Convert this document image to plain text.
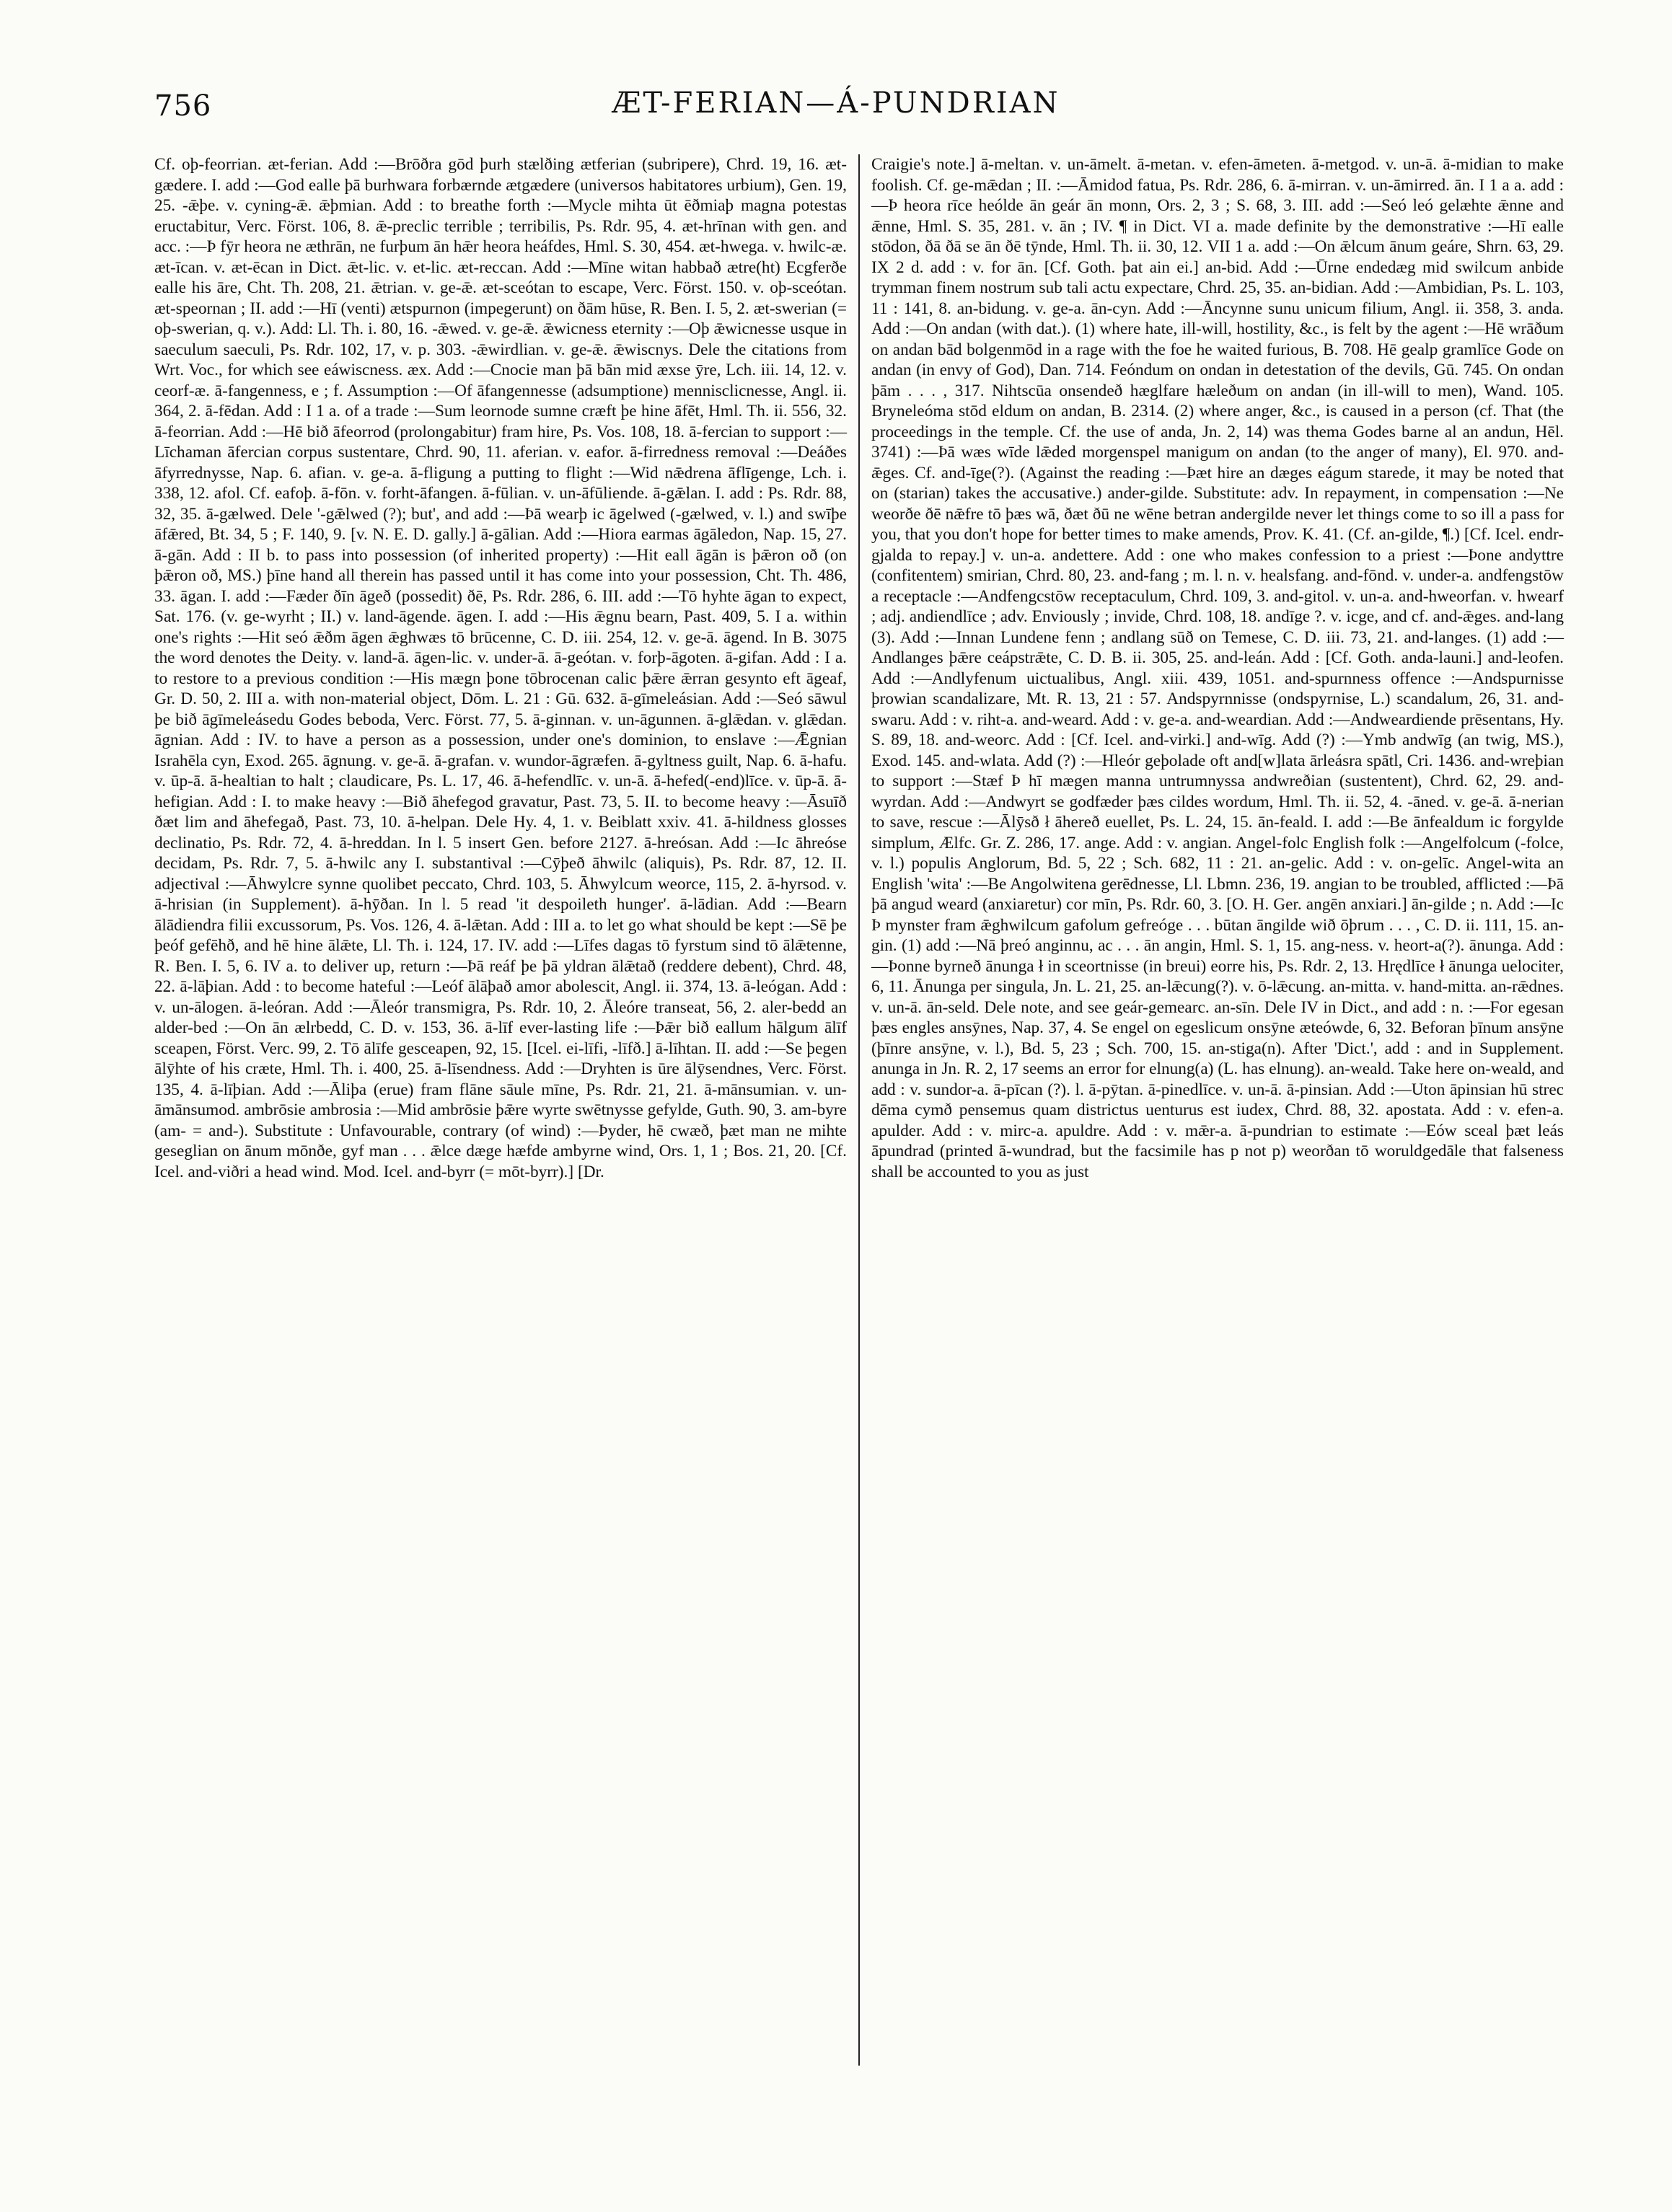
756	ÆT-FERIAN—Á-PUNDRIAN

Cf. oþ-feorrian. æt-ferian. Add :—Brōðra gōd þurh stælðing ætferian (subripere), Chrd. 19, 16. æt-gædere. I. add :—God ealle þā burhwara forbærnde ætgædere (universos habitatores urbium), Gen. 19, 25. -ǣþe. v. cyning-ǣ. ǣþmian. Add : to breathe forth :—Mycle mihta ūt ēðmiaþ magna potestas eructabitur, Verc. Först. 106, 8. ǣ-preclic terrible ; terribilis, Ps. Rdr. 95, 4. æt-hrīnan with gen. and acc. :—Þ fȳr heora ne æthrān, ne furþum ān hǣr heora heáfdes, Hml. S. 30, 454. æt-hwega. v. hwilc-æ. æt-īcan. v. æt-ēcan in Dict. ǣt-lic. v. et-lic. æt-reccan. Add :—Mīne witan habbað ætre(ht) Ecgferðe ealle his āre, Cht. Th. 208, 21. ǣtrian. v. ge-ǣ. æt-sceótan to escape, Verc. Först. 150. v. oþ-sceótan. æt-speornan ; II. add :—Hī (venti) ætspurnon (impegerunt) on ðām hūse, R. Ben. I. 5, 2. æt-swerian (= oþ-swerian, q. v.). Add: Ll. Th. i. 80, 16. -ǣwed. v. ge-ǣ. ǣwicness eternity :—Oþ ǣwicnesse usque in saeculum saeculi, Ps. Rdr. 102, 17, v. p. 303. -ǣwirdlian. v. ge-ǣ. ǣwiscnys. Dele the citations from Wrt. Voc., for which see eáwiscness. æx. Add :—Cnocie man þā bān mid æxse ȳre, Lch. iii. 14, 12. v. ceorf-æ. ā-fangenness, e ; f. Assumption :—Of āfangennesse (adsumptione) mennisclicnesse, Angl. ii. 364, 2. ā-fēdan. Add : I 1 a. of a trade :—Sum leornode sumne cræft þe hine āfēt, Hml. Th. ii. 556, 32. ā-feorrian. Add :—Hē bið āfeorrod (prolongabitur) fram hire, Ps. Vos. 108, 18. ā-fercian to support :—Līchaman āfercian corpus sustentare, Chrd. 90, 11. aferian. v. eafor. ā-firredness removal :—Deáðes āfyrrednysse, Nap. 6. afian. v. ge-a. ā-fligung a putting to flight :—Wid nǣdrena āflīgenge, Lch. i. 338, 12. afol. Cf. eafoþ. ā-fōn. v. forht-āfangen. ā-fūlian. v. un-āfūliende. ā-gǣlan. I. add : Ps. Rdr. 88, 32, 35. ā-gælwed. Dele '-gǣlwed (?); but', and add :—Þā wearþ ic āgelwed (-gælwed, v. l.) and swīþe āfǣred, Bt. 34, 5 ; F. 140, 9. [v. N. E. D. gally.] ā-gālian. Add :—Hiora earmas āgāledon, Nap. 15, 27. ā-gān. Add : II b. to pass into possession (of inherited property) :—Hit eall āgān is þǣron oð (on þǣron oð, MS.) þīne hand all therein has passed until it has come into your possession, Cht. Th. 486, 33. āgan. I. add :—Fæder ðīn āgeð (possedit) ðē, Ps. Rdr. 286, 6. III. add :—Tō hyhte āgan to expect, Sat. 176. (v. ge-wyrht ; II.) v. land-āgende. āgen. I. add :—His ǣgnu bearn, Past. 409, 5. I a. within one's rights :—Hit seó ǣðm āgen ǣghwæs tō brūcenne, C. D. iii. 254, 12. v. ge-ā. āgend. In B. 3075 the word denotes the Deity. v. land-ā. āgen-lic. v. under-ā. ā-geótan. v. forþ-āgoten. ā-gifan. Add : I a. to restore to a previous condition :—His mægn þone tōbrocenan calic þǣre ǣrran gesynto eft āgeaf, Gr. D. 50, 2. III a. with non-material object, Dōm. L. 21 : Gū. 632. ā-gīmeleásian. Add :—Seó sāwul þe bið āgīmeleásedu Godes beboda, Verc. Först. 77, 5. ā-ginnan. v. un-āgunnen. ā-glǣdan. v. glǣdan. āgnian. Add : IV. to have a person as a possession, under one's dominion, to enslave :—Ǣgnian Israhēla cyn, Exod. 265. āgnung. v. ge-ā. ā-grafan. v. wundor-āgræfen. ā-gyltness guilt, Nap. 6. ā-hafu. v. ūp-ā. ā-healtian to halt ; claudicare, Ps. L. 17, 46. ā-hefendlīc. v. un-ā. ā-hefed(-end)līce. v. ūp-ā. ā-hefigian. Add : I. to make heavy :—Bið āhefegod gravatur, Past. 73, 5. II. to become heavy :—Āsuīð ðæt lim and āhefegað, Past. 73, 10. ā-helpan. Dele Hy. 4, 1. v. Beiblatt xxiv. 41. ā-hildness glosses declinatio, Ps. Rdr. 72, 4. ā-hreddan. In l. 5 insert Gen. before 2127. ā-hreósan. Add :—Ic āhreóse decidam, Ps. Rdr. 7, 5. ā-hwilc any I. substantival :—Cȳþeð āhwilc (aliquis), Ps. Rdr. 87, 12. II. adjectival :—Āhwylcre synne quolibet peccato, Chrd. 103, 5. Āhwylcum weorce, 115, 2. ā-hyrsod. v. ā-hrisian (in Supplement). ā-hȳðan. In l. 5 read 'it despoileth hunger'. ā-lādian. Add :—Bearn ālādiendra filii excussorum, Ps. Vos. 126, 4. ā-lǣtan. Add : III a. to let go what should be kept :—Sē þe þeóf gefēhð, and hē hine ālǣte, Ll. Th. i. 124, 17. IV. add :—Līfes dagas tō fyrstum sind tō ālǣtenne, R. Ben. I. 5, 6. IV a. to deliver up, return :—Þā reáf þe þā yldran ālǣtað (reddere debent), Chrd. 48, 22. ā-lāþian. Add : to become hateful :—Leóf ālāþað amor abolescit, Angl. ii. 374, 13. ā-leógan. Add : v. un-ālogen. ā-leóran. Add :—Āleór transmigra, Ps. Rdr. 10, 2. Āleóre transeat, 56, 2. aler-bedd an alder-bed :—On ān ælrbedd, C. D. v. 153, 36. ā-līf ever-lasting life :—Þǣr bið eallum hālgum ālīf sceapen, Först. Verc. 99, 2. Tō ālīfe gesceapen, 92, 15. [Icel. ei-līfi, -līfð.] ā-līhtan. II. add :—Se þegen ālȳhte of his cræte, Hml. Th. i. 400, 25. ā-līsendness. Add :—Dryhten is ūre ālȳsendnes, Verc. Först. 135, 4. ā-līþian. Add :—Āliþa (erue) fram flāne sāule mīne, Ps. Rdr. 21, 21. ā-mānsumian. v. un-āmānsumod. ambrōsie ambrosia :—Mid ambrōsie þǣre wyrte swētnysse gefylde, Guth. 90, 3. am-byre (am- = and-). Substitute : Unfavourable, contrary (of wind) :—Þyder, hē cwæð, þæt man ne mihte geseglian on ānum mōnðe, gyf man . . . ǣlce dæge hæfde ambyrne wind, Ors. 1, 1 ; Bos. 21, 20. [Cf. Icel. and-viðri a head wind. Mod. Icel. and-byrr (= mōt-byrr).] [Dr.

Craigie's note.] ā-meltan. v. un-āmelt. ā-metan. v. efen-āmeten. ā-metgod. v. un-ā. ā-midian to make foolish. Cf. ge-mǣdan ; II. :—Āmidod fatua, Ps. Rdr. 286, 6. ā-mirran. v. un-āmirred. ān. I 1 a a. add :—Þ heora rīce heólde ān geár ān monn, Ors. 2, 3 ; S. 68, 3. III. add :—Seó leó gelæhte ǣnne and ǣnne, Hml. S. 35, 281. v. ān ; IV. ¶ in Dict. VI a. made definite by the demonstrative :—Hī ealle stōdon, ðā ðā se ān ðē tȳnde, Hml. Th. ii. 30, 12. VII 1 a. add :—On ǣlcum ānum geáre, Shrn. 63, 29. IX 2 d. add : v. for ān. [Cf. Goth. þat ain ei.] an-bid. Add :—Ūrne endedæg mid swilcum anbide trymman finem nostrum sub tali actu expectare, Chrd. 25, 35. an-bidian. Add :—Ambidian, Ps. L. 103, 11 : 141, 8. an-bidung. v. ge-a. ān-cyn. Add :—Āncynne sunu unicum filium, Angl. ii. 358, 3. anda. Add :—On andan (with dat.). (1) where hate, ill-will, hostility, &c., is felt by the agent :—Hē wrāðum on andan bād bolgenmōd in a rage with the foe he waited furious, B. 708. Hē gealp gramlīce Gode on andan (in envy of God), Dan. 714. Feóndum on ondan in detestation of the devils, Gū. 745. On ondan þām . . . , 317. Nihtscūa onsendeð hæglfare hæleðum on andan (in ill-will to men), Wand. 105. Bryneleóma stōd eldum on andan, B. 2314. (2) where anger, &c., is caused in a person (cf. That (the proceedings in the temple. Cf. the use of anda, Jn. 2, 14) was thema Godes barne al an andun, Hēl. 3741) :—Þā wæs wīde lǣded morgenspel manigum on andan (to the anger of many), El. 970. and-ǣges. Cf. and-īge(?). (Against the reading :—Þæt hire an dæges eágum starede, it may be noted that on (starian) takes the accusative.) ander-gilde. Substitute: adv. In repayment, in compensation :—Ne weorðe ðē nǣfre tō þæs wā, ðæt ðū ne wēne betran andergilde never let things come to so ill a pass for you, that you don't hope for better times to make amends, Prov. K. 41. (Cf. an-gilde, ¶.) [Cf. Icel. endr-gjalda to repay.] v. un-a. andettere. Add : one who makes confession to a priest :—Þone andyttre (confitentem) smirian, Chrd. 80, 23. and-fang ; m. l. n. v. healsfang. and-fōnd. v. under-a. andfengstōw a receptacle :—Andfengcstōw receptaculum, Chrd. 109, 3. and-gitol. v. un-a. and-hweorfan. v. hwearf ; adj. andiendlīce ; adv. Enviously ; invide, Chrd. 108, 18. andīge ?. v. icge, and cf. and-ǣges. and-lang (3). Add :—Innan Lundene fenn ; andlang sūð on Temese, C. D. iii. 73, 21. and-langes. (1) add :—Andlanges þǣre ceápstrǣte, C. D. B. ii. 305, 25. and-leán. Add : [Cf. Goth. anda-launi.] and-leofen. Add :—Andlyfenum uictualibus, Angl. xiii. 439, 1051. and-spurnness offence :—Andspurnisse þrowian scandalizare, Mt. R. 13, 21 : 57. Andspyrnnisse (ondspyrnise, L.) scandalum, 26, 31. and-swaru. Add : v. riht-a. and-weard. Add : v. ge-a. and-weardian. Add :—Andweardiende prēsentans, Hy. S. 89, 18. and-weorc. Add : [Cf. Icel. and-virki.] and-wīg. Add (?) :—Ymb andwīg (an twig, MS.), Exod. 145. and-wlata. Add (?) :—Hleór geþolade oft and[w]lata ārleásra spātl, Cri. 1436. and-wreþian to support :—Stæf Þ hī mægen manna untrumnyssa andwreðian (sustentent), Chrd. 62, 29. and-wyrdan. Add :—Andwyrt se godfæder þæs cildes wordum, Hml. Th. ii. 52, 4. -āned. v. ge-ā. ā-nerian to save, rescue :—Ālȳsð ł āhereð euellet, Ps. L. 24, 15. ān-feald. I. add :—Be ānfealdum ic forgylde simplum, Ælfc. Gr. Z. 286, 17. ange. Add : v. angian. Angel-folc English folk :—Angelfolcum (-folce, v. l.) populis Anglorum, Bd. 5, 22 ; Sch. 682, 11 : 21. an-gelic. Add : v. on-gelīc. Angel-wita an English 'wita' :—Be Angolwitena gerēdnesse, Ll. Lbmn. 236, 19. angian to be troubled, afflicted :—Þā þā angud weard (anxiaretur) cor mīn, Ps. Rdr. 60, 3. [O. H. Ger. angēn anxiari.] ān-gilde ; n. Add :—Ic Þ mynster fram ǣghwilcum gafolum gefreóge . . . būtan āngilde wið ōþrum . . . , C. D. ii. 111, 15. an-gin. (1) add :—Nā þreó anginnu, ac . . . ān angin, Hml. S. 1, 15. ang-ness. v. heort-a(?). ānunga. Add :—Þonne byrneð ānunga ł in sceortnisse (in breui) eorre his, Ps. Rdr. 2, 13. Hrędlīce ł ānunga uelociter, 6, 11. Ānunga per singula, Jn. L. 21, 25. an-lǣcung(?). v. ō-lǣcung. an-mitta. v. hand-mitta. an-rǣdnes. v. un-ā. ān-seld. Dele note, and see geár-gemearc. an-sīn. Dele IV in Dict., and add : n. :—For egesan þæs engles ansȳnes, Nap. 37, 4. Se engel on egeslicum onsȳne æteówde, 6, 32. Beforan þīnum ansȳne (þīnre ansȳne, v. l.), Bd. 5, 23 ; Sch. 700, 15. an-stiga(n). After 'Dict.', add : and in Supplement. anunga in Jn. R. 2, 17 seems an error for elnung(a) (L. has elnung). an-weald. Take here on-weald, and add : v. sundor-a. ā-pīcan (?). l. ā-pȳtan. ā-pinedlīce. v. un-ā. ā-pinsian. Add :—Uton āpinsian hū strec dēma cymð pensemus quam districtus uenturus est iudex, Chrd. 88, 32. apostata. Add : v. efen-a. apulder. Add : v. mirc-a. apuldre. Add : v. mǣr-a. ā-pundrian to estimate :—Eów sceal þæt leás āpundrad (printed ā-wundrad, but the facsimile has p not p) weorðan tō woruldgedāle that falseness shall be accounted to you as just
